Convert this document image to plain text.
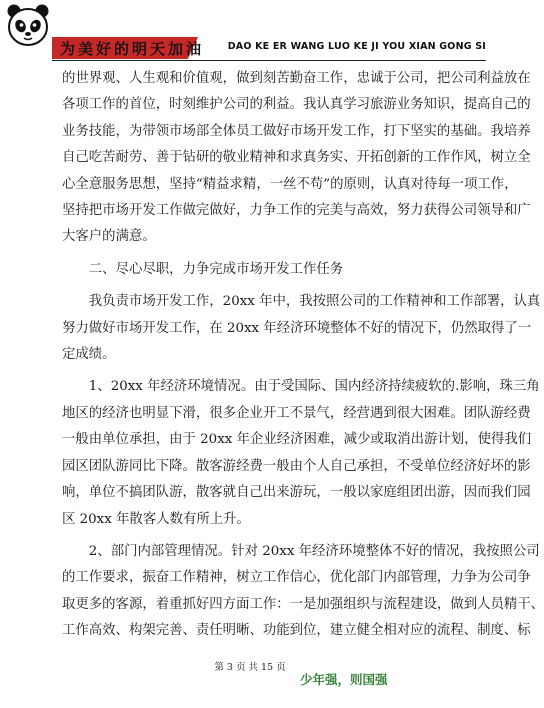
为美好的明天加油 DAO KE ER WANG LUO KE JI YOU XIAN GONG SI

的世界观、人生观和价值观，做到刻苦勤奋工作，忠诚于公司，把公司利益放在
各项工作的首位，时刻维护公司的利益。我认真学习旅游业务知识，提高自己的
业务技能，为带领市场部全体员工做好市场开发工作，打下坚实的基础。我培养
自己吃苦耐劳、善于钻研的敬业精神和求真务实、开拓创新的工作作风，树立全
心全意服务思想，坚持“精益求精，一丝不苟”的原则，认真对待每一项工作，
坚持把市场开发工作做完做好，力争工作的完美与高效，努力获得公司领导和广
大客户的满意。

　　二、尽心尽职，力争完成市场开发工作任务

　　我负责市场开发工作，20xx 年中，我按照公司的工作精神和工作部署，认真
努力做好市场开发工作，在 20xx 年经济环境整体不好的情况下，仍然取得了一
定成绩。

　　1、20xx 年经济环境情况。由于受国际、国内经济持续疲软的.影响，珠三角
地区的经济也明显下滑，很多企业开工不景气，经营遇到很大困难。团队游经费
一般由单位承担，由于 20xx 年企业经济困难，减少或取消出游计划，使得我们
园区团队游同比下降。散客游经费一般由个人自己承担，不受单位经济好坏的影
响，单位不搞团队游，散客就自己出来游玩，一般以家庭组团出游，因而我们园
区 20xx 年散客人数有所上升。

　　2、部门内部管理情况。针对 20xx 年经济环境整体不好的情况，我按照公司
的工作要求，振奋工作精神，树立工作信心，优化部门内部管理，力争为公司争
取更多的客源，着重抓好四方面工作：一是加强组织与流程建设，做到人员精干、
工作高效、构架完善、责任明晰、功能到位，建立健全相对应的流程、制度、标

第 3 页 共 15 页
少年强，则国强
